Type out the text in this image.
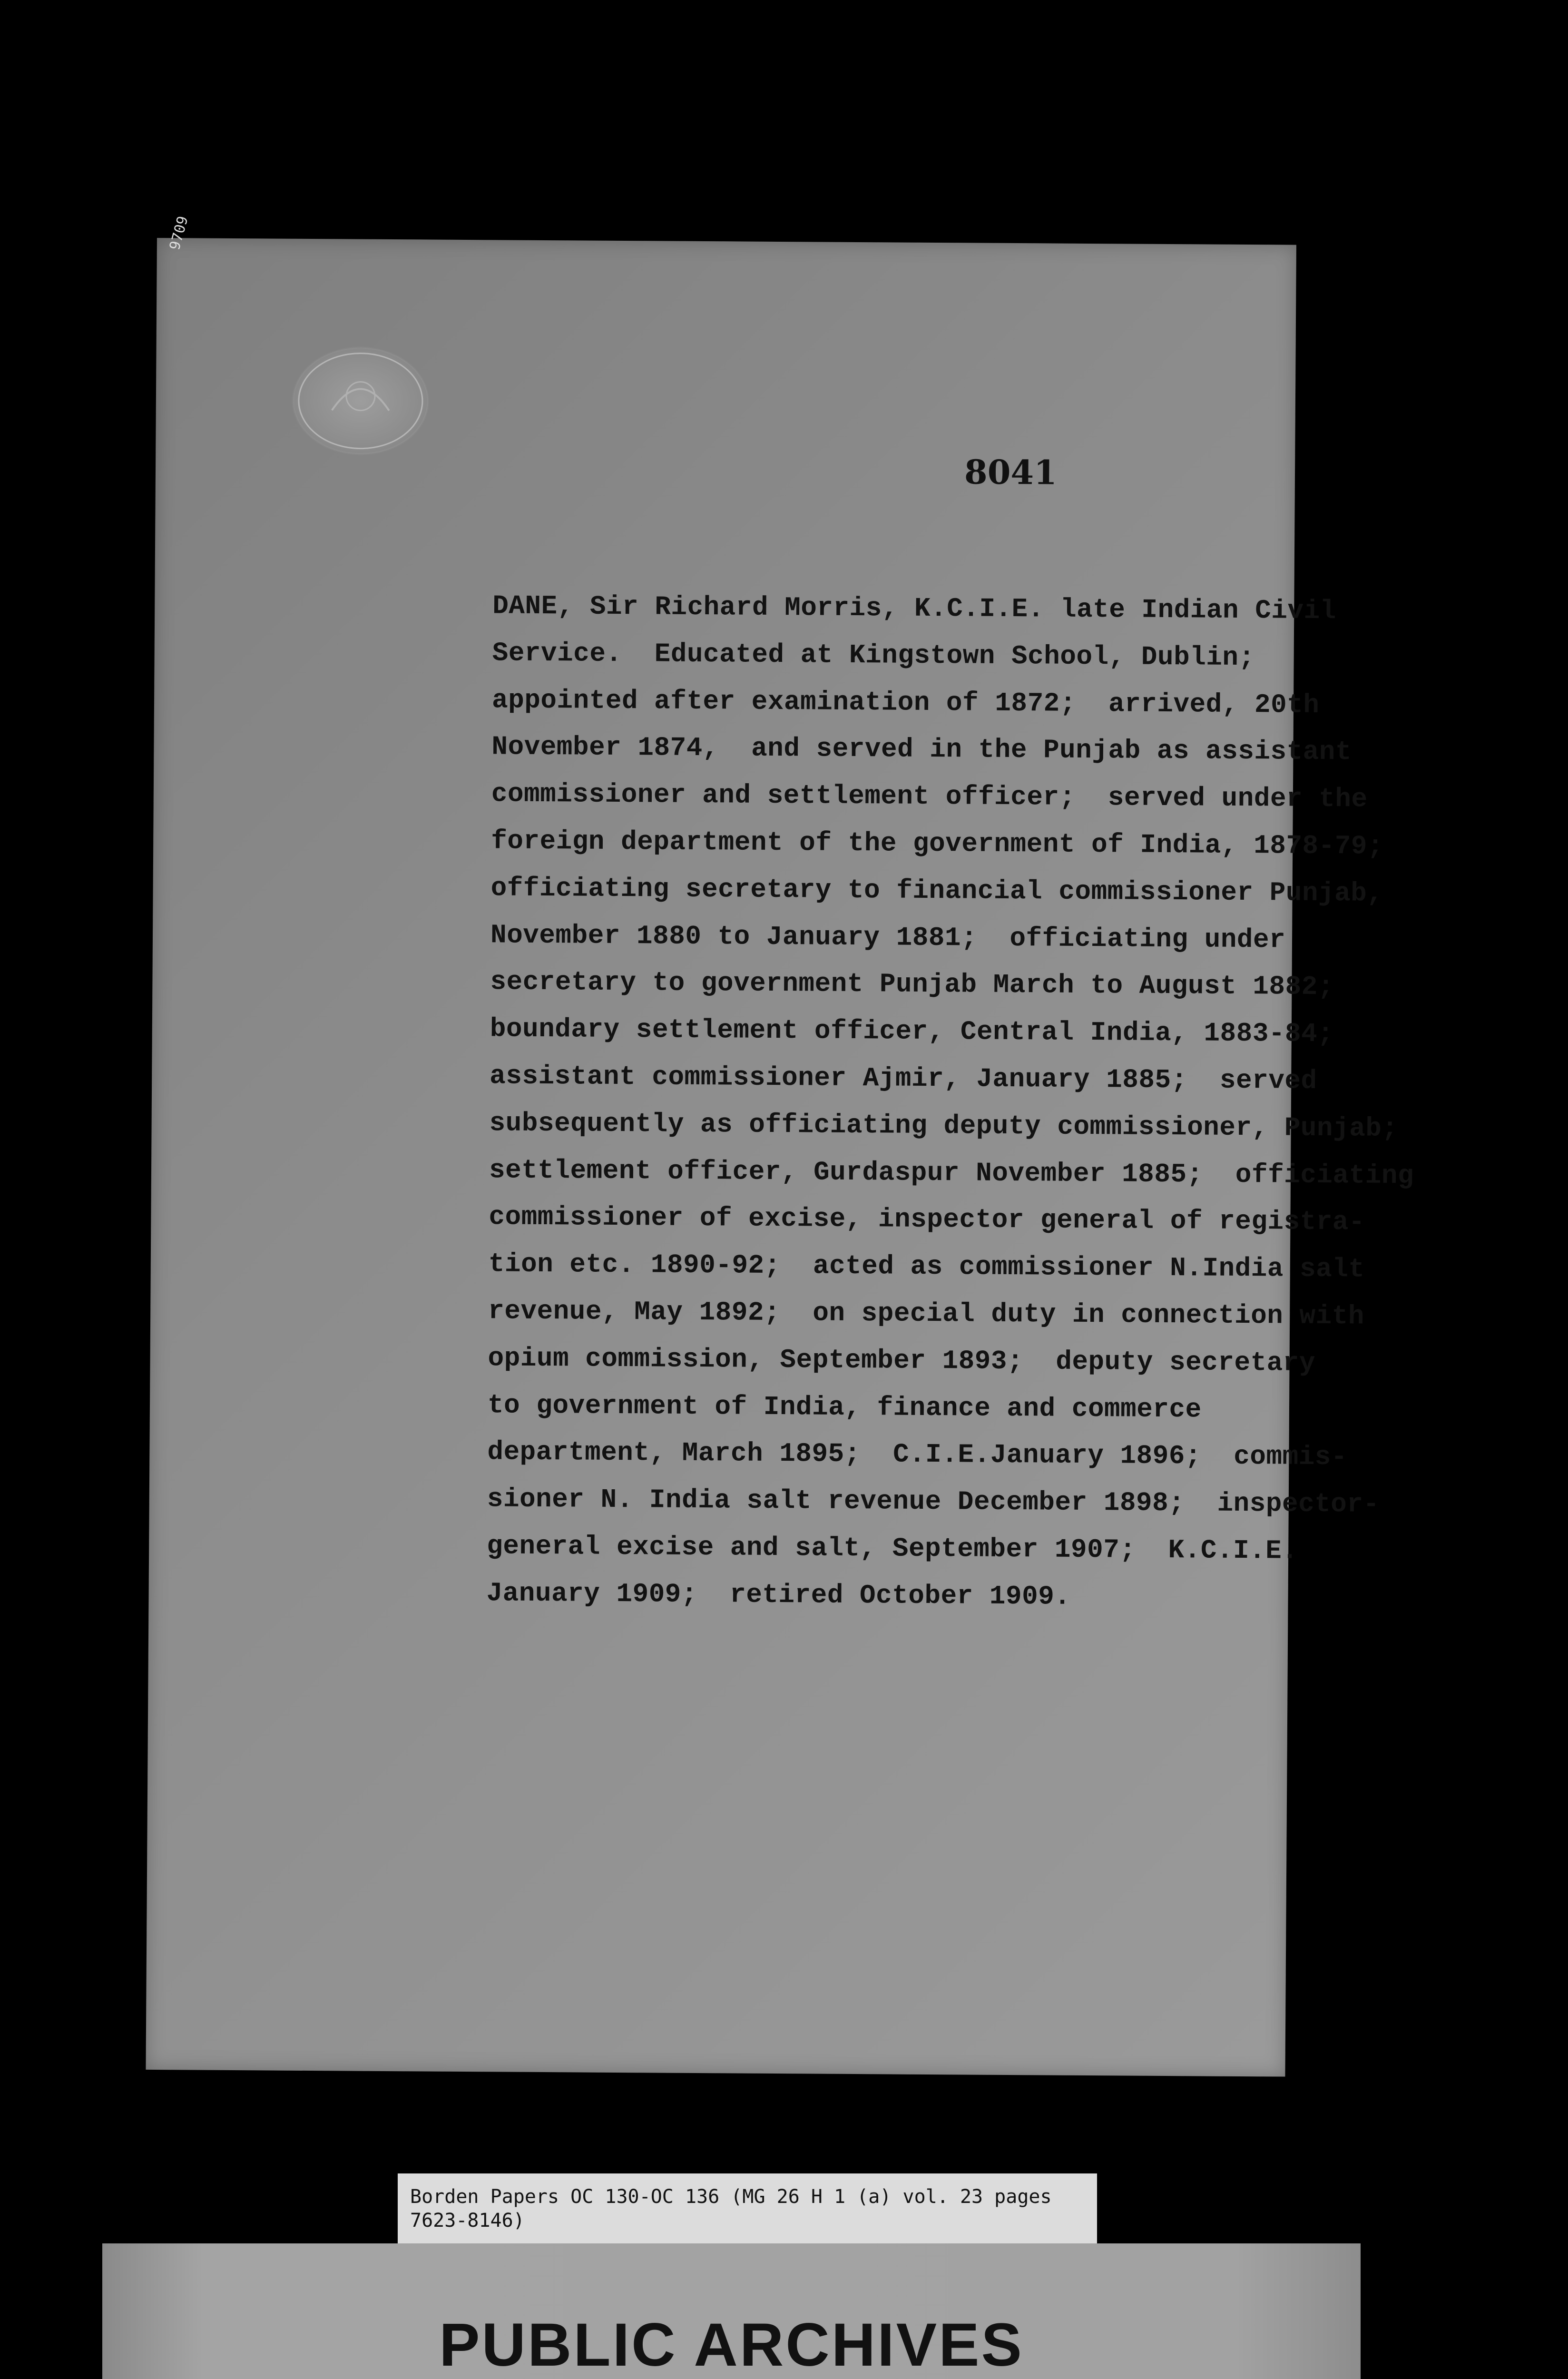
9709
8041
DANE, Sir Richard Morris, K.C.I.E. late Indian Civil
Service.  Educated at Kingstown School, Dublin;
appointed after examination of 1872;  arrived, 20th
November 1874,  and served in the Punjab as assistant
commissioner and settlement officer;  served under the
foreign department of the government of India, 1878-79;
officiating secretary to financial commissioner Punjab,
November 1880 to January 1881;  officiating under
secretary to government Punjab March to August 1882;
boundary settlement officer, Central India, 1883-84;
assistant commissioner Ajmir, January 1885;  served
subsequently as officiating deputy commissioner, Punjab;
settlement officer, Gurdaspur November 1885;  officiating
commissioner of excise, inspector general of registra-
tion etc. 1890-92;  acted as commissioner N.India salt
revenue, May 1892;  on special duty in connection with
opium commission, September 1893;  deputy secretary
to government of India, finance and commerce
department, March 1895;  C.I.E.January 1896;  commis-
sioner N. India salt revenue December 1898;  inspector-
general excise and salt, September 1907;  K.C.I.E.
January 1909;  retired October 1909.
Borden Papers OC 130-OC 136 (MG 26 H 1 (a) vol. 23 pages
7623-8146)
PUBLIC ARCHIVES
